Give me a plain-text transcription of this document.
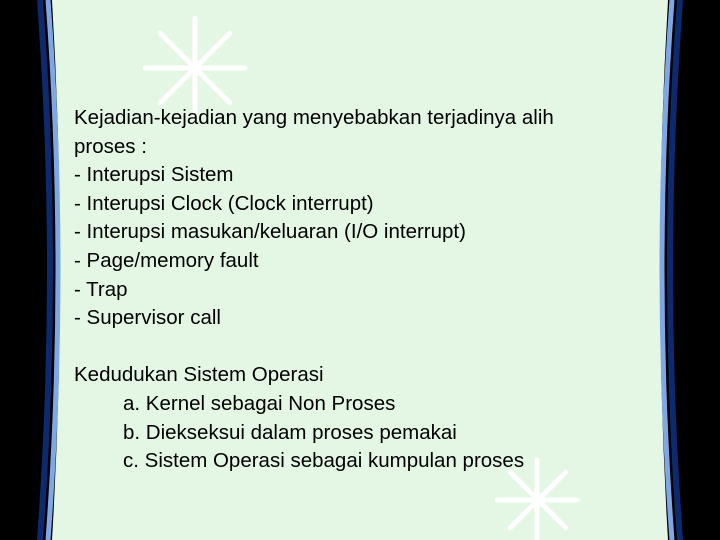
Kejadian-kejadian yang menyebabkan terjadinya alih
proses :
- Interupsi Sistem
- Interupsi Clock (Clock interrupt)
- Interupsi masukan/keluaran (I/O interrupt)
- Page/memory fault
- Trap
- Supervisor call
Kedudukan Sistem Operasi
a. Kernel sebagai Non Proses
b. Diekseksui dalam proses pemakai
c. Sistem Operasi sebagai kumpulan proses
